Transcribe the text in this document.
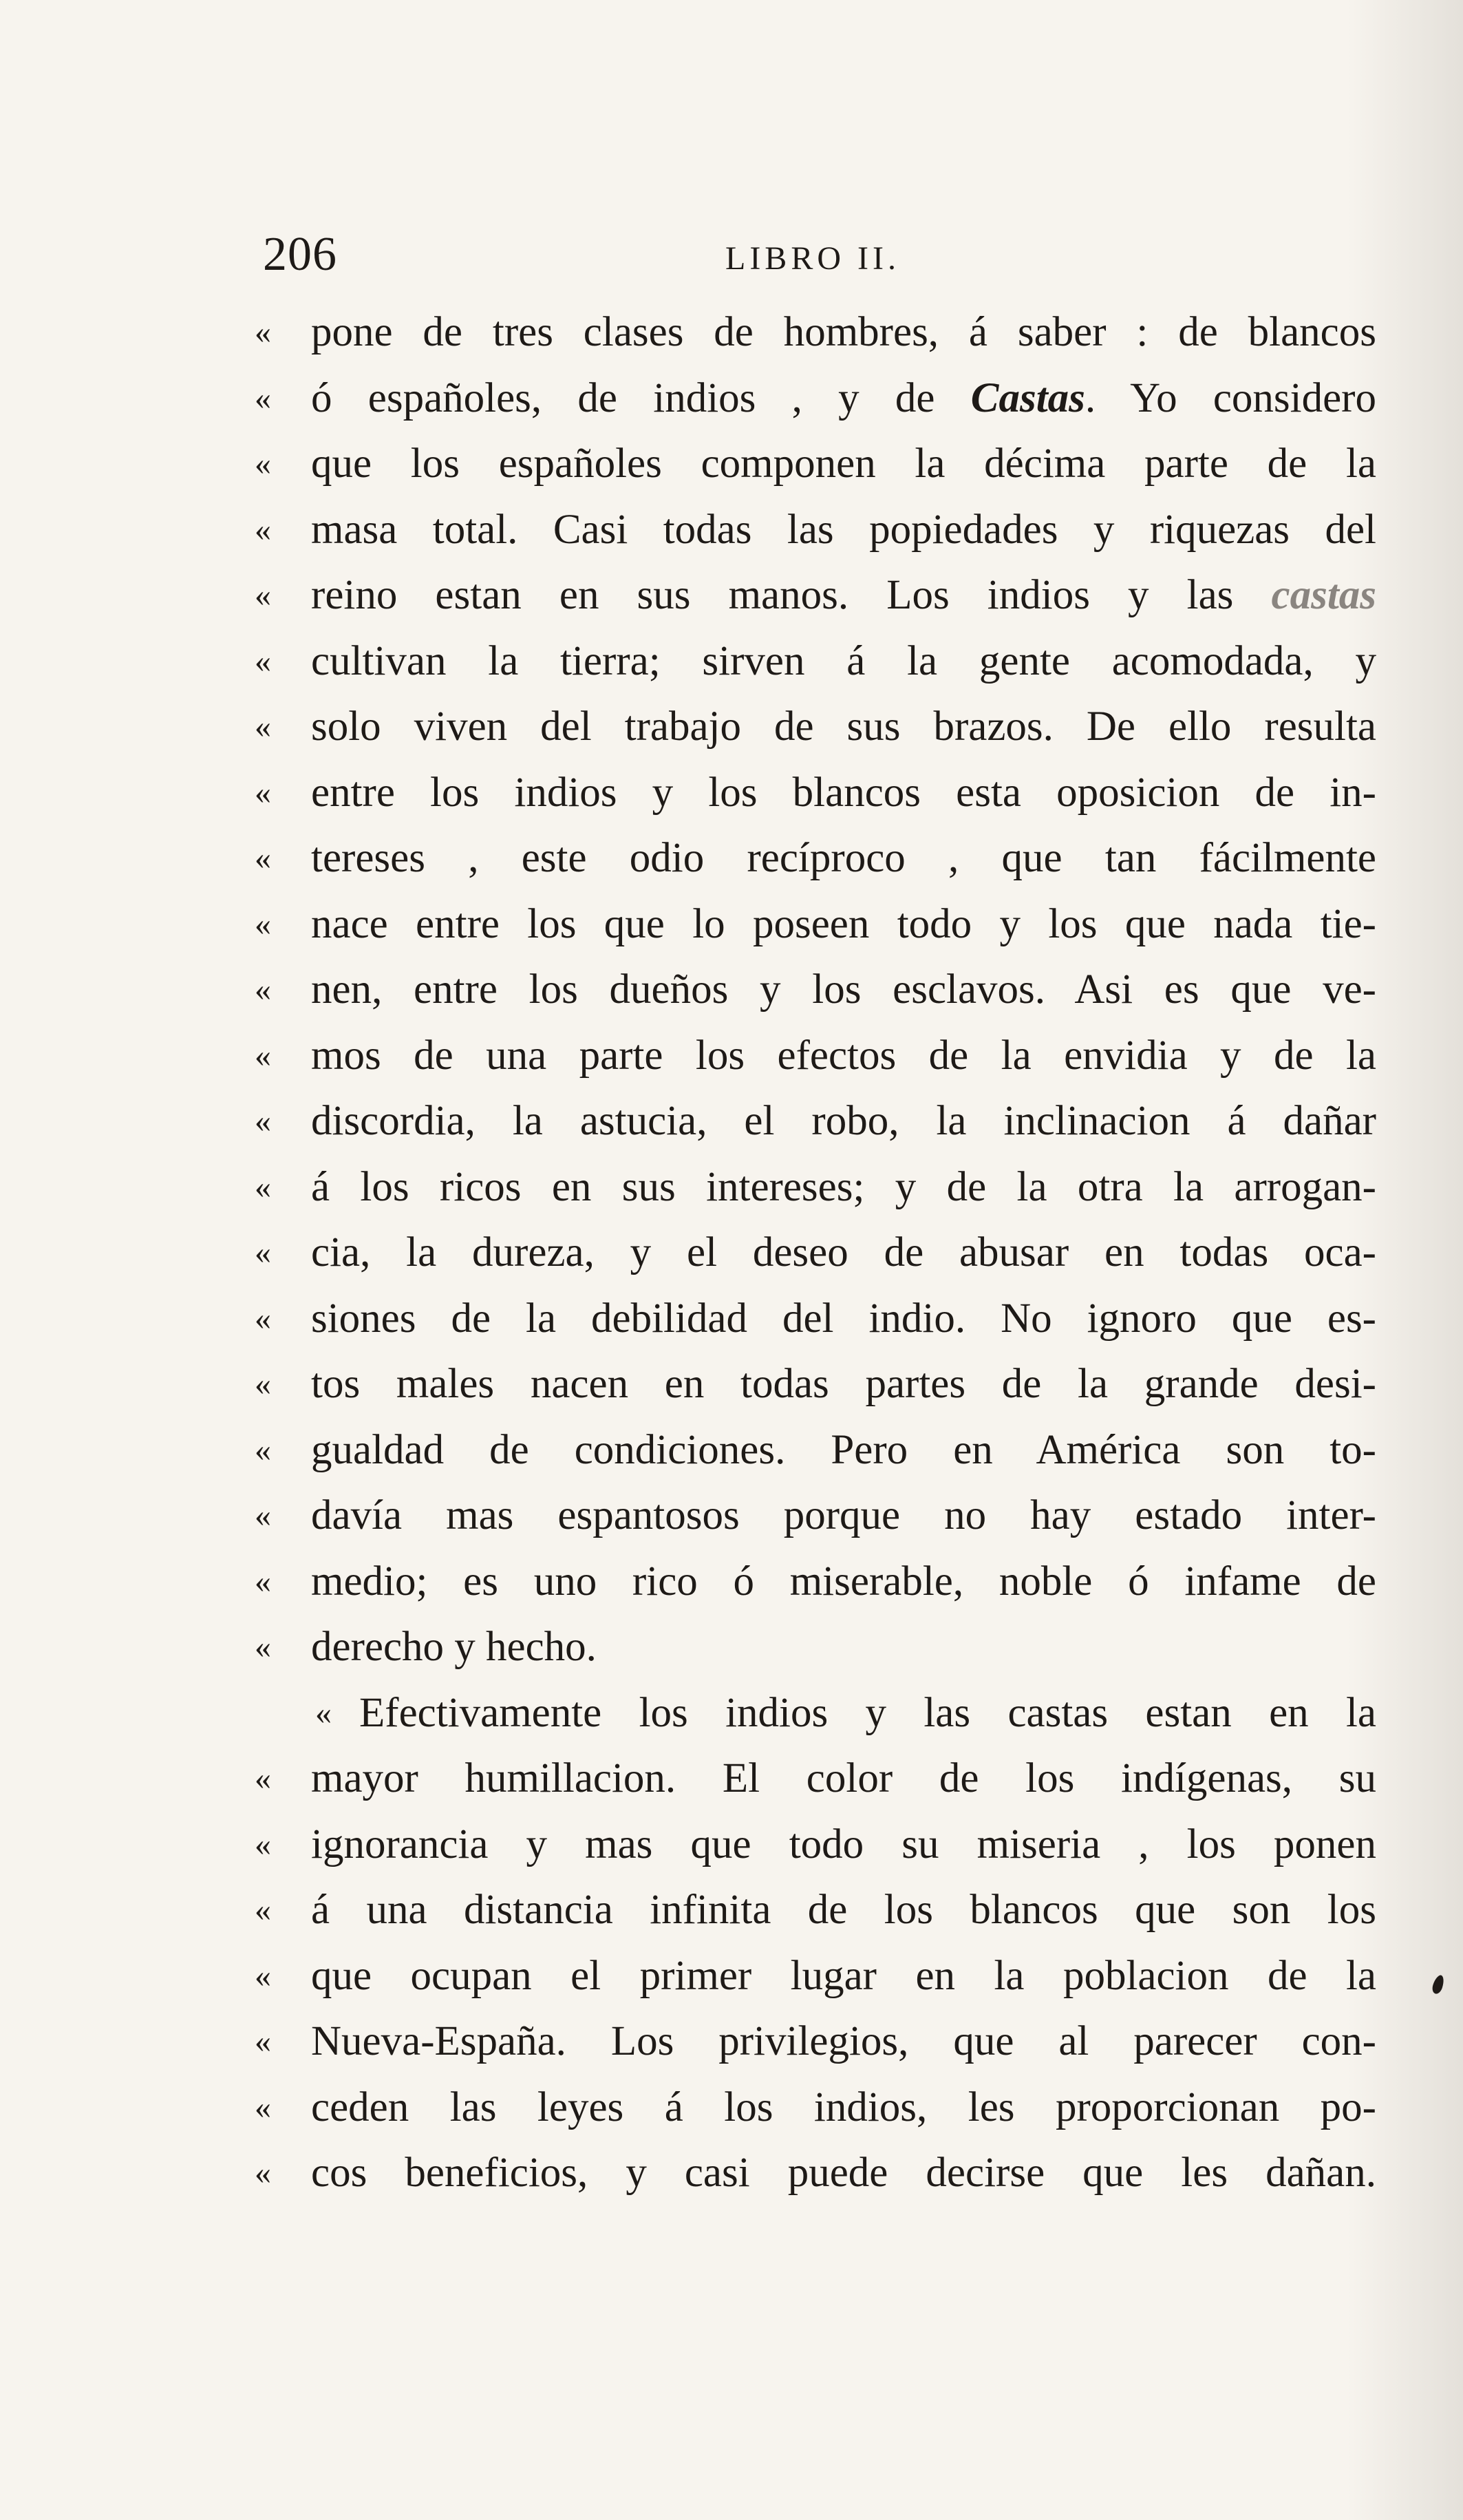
206	LIBRO II.
« pone de tres clases de hombres, á saber : de blancos
« ó españoles, de indios , y de Castas. Yo considero
« que los españoles componen la décima parte de la
« masa total. Casi todas las popiedades y riquezas del
« reino estan en sus manos. Los indios y las castas
« cultivan la tierra; sirven á la gente acomodada, y
« solo viven del trabajo de sus brazos. De ello resulta
« entre los indios y los blancos esta oposicion de in-
« tereses , este odio recíproco , que tan fácilmente
« nace entre los que lo poseen todo y los que nada tie-
« nen, entre los dueños y los esclavos. Asi es que ve-
« mos de una parte los efectos de la envidia y de la
« discordia, la astucia, el robo, la inclinacion á dañar
« á los ricos en sus intereses; y de la otra la arrogan-
« cia, la dureza, y el deseo de abusar en todas oca-
« siones de la debilidad del indio. No ignoro que es-
« tos males nacen en todas partes de la grande desi-
« gualdad de condiciones. Pero en América son to-
« davía mas espantosos porque no hay estado inter-
« medio; es uno rico ó miserable, noble ó infame de
« derecho y hecho.
« Efectivamente los indios y las castas estan en la
« mayor humillacion. El color de los indígenas, su
« ignorancia y mas que todo su miseria , los ponen
« á una distancia infinita de los blancos que son los
« que ocupan el primer lugar en la poblacion de la
« Nueva-España. Los privilegios, que al parecer con-
« ceden las leyes á los indios, les proporcionan po-
« cos beneficios, y casi puede decirse que les dañan.
